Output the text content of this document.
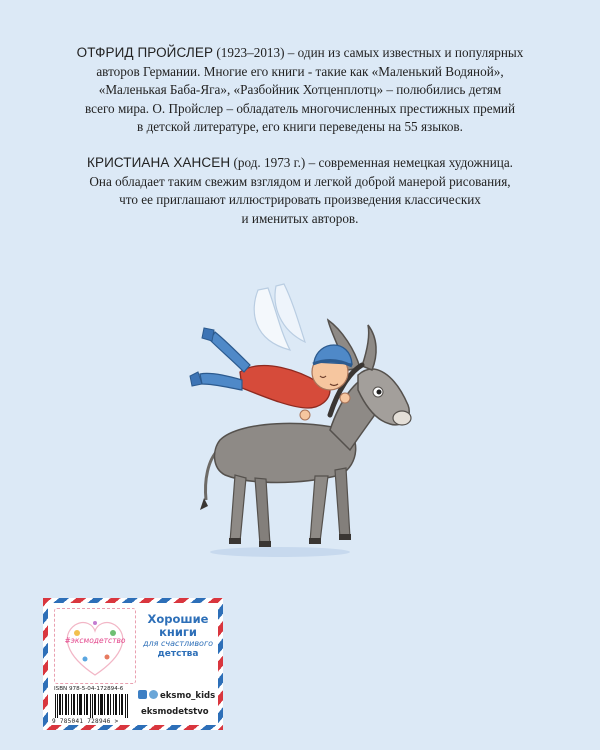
ОТФРИД ПРОЙСЛЕР (1923–2013) – один из самых известных и популярных
авторов Германии. Многие его книги - такие как «Маленький Водяной»,
«Маленькая Баба-Яга», «Разбойник Хотценплотц» – полюбились детям
всего мира. О. Пройслер – обладатель многочисленных престижных премий
в детской литературе, его книги переведены на 55 языков.
КРИСТИАНА ХАНСЕН (род. 1973 г.) – современная немецкая художница.
Она обладает таким свежим взглядом и легкой доброй манерой рисования,
что ее приглашают иллюстрировать произведения классических
и именитых авторов.
#эксмодетство
Хорошие
книги
для счастливого
детства
ISBN 978-5-04-172894-6
9 785041 728946 >
eksmo_kids
eksmodetstvo
